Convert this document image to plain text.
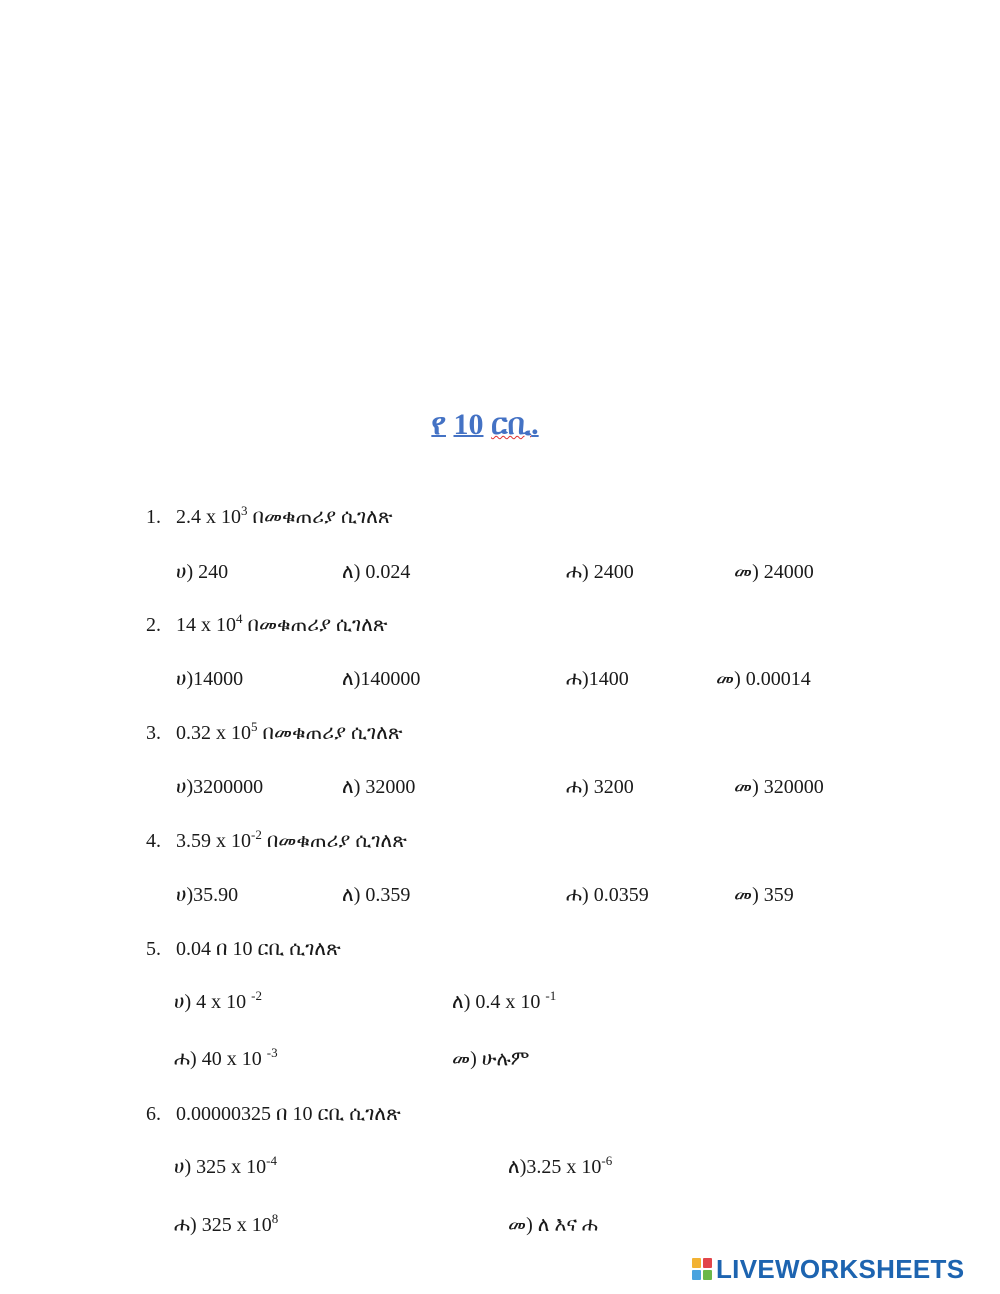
የ 10 ርቢ.
1. 2.4 x $10^3$ በመቁጠሪያ ሲገለጽ
ሀ) 240	ለ) 0.024	ሐ) 2400	መ) 24000
2. 14 x $10^4$ በመቁጠሪያ ሲገለጽ
ሀ)14000	ለ)140000	ሐ)1400	መ) 0.00014
3. 0.32 x $10^5$ በመቁጠሪያ ሲገለጽ
ሀ)3200000	ለ) 32000	ሐ) 3200	መ) 320000
4. 3.59 x $10^{-2}$ በመቁጠሪያ ሲገለጽ
ሀ)35.90	ለ) 0.359	ሐ) 0.0359	መ) 359
5. 0.04 በ 10 ርቢ ሲገለጽ
ሀ) 4 x 10 $^{-2}$	ለ) 0.4 x 10 $^{-1}$
ሐ) 40 x 10 $^{-3}$	መ) ሁሉም
6. 0.00000325 በ 10 ርቢ ሲገለጽ
ሀ) 325 x $10^{-4}$	ለ)3.25 x $10^{-6}$
ሐ) 325 x $10^8$	መ) ለ እና ሐ
LIVEWORKSHEETS
